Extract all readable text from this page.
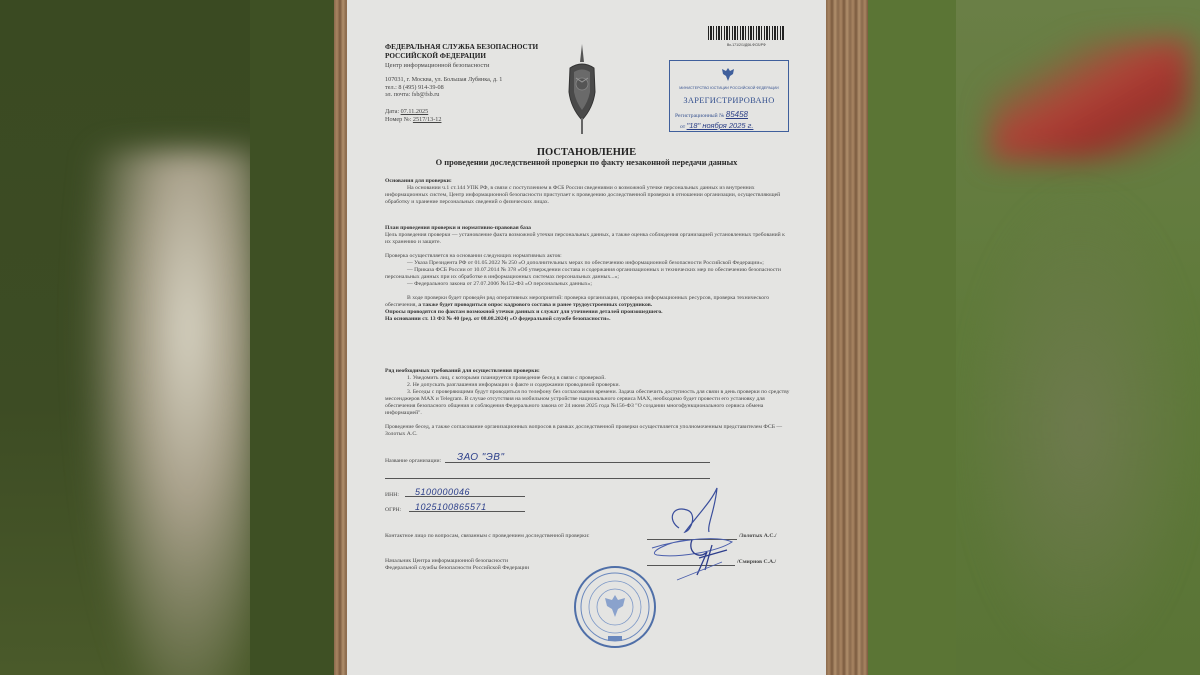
ФЕДЕРАЛЬНАЯ СЛУЖБА БЕЗОПАСНОСТИ
РОССИЙСКОЙ ФЕДЕРАЦИИ
Центр информационной безопасности
107031, г. Москва, ул. Большая Лубянка, д. 1
тел.: 8 (495) 914-39-08
эл. почта: fsb@fsb.ru
Дата: 07.11.2025
Номер №: 2517/13-12
Вх-171/2/1/Д06-ФСБ/РФ
МИНИСТЕРСТВО ЮСТИЦИИ РОССИЙСКОЙ ФЕДЕРАЦИИ
ЗАРЕГИСТРИРОВАНО
Регистрационный № 85458
от "18" ноября 2025 г.
ПОСТАНОВЛЕНИЕ
О проведении доследственной проверки по факту незаконной передачи данных
Основания для проверки:
На основании ч.1 ст.144 УПК РФ, в связи с поступлением в ФСБ России сведениями о возможной утечке персональных данных из внутренних информационных систем, Центр информационной безопасности приступает к проведению доследственной проверки в отношении организации, осуществляющей обработку и хранение персональных сведений о физических лицах.
План проведения проверки и нормативно-правовая база
Цель проведения проверки — установление факта возможной утечки персональных данных, а также оценка соблюдения организацией установленных требований к их хранению и защите.
Проверка осуществляется на основании следующих нормативных актов:
— Указа Президента РФ от 01.05.2022 № 250 «О дополнительных мерах по обеспечению информационной безопасности Российской Федерации»;
— Приказа ФСБ России от 10.07.2014 № 378 «Об утверждении состава и содержания организационных и технических мер по обеспечению безопасности персональных данных при их обработке в информационных системах персональных данных...»;
— Федерального закона от 27.07.2006 №152-ФЗ «О персональных данных»;
В ходе проверки будет проведён ряд оперативных мероприятий: проверка организации, проверка информационных ресурсов, проверка технического обеспечения, а также будет проводиться опрос кадрового состава и ранее трудоустроенных сотрудников.
Опросы проводятся по фактам возможной утечки данных и служат для уточнения деталей произошедшего.
На основании ст. 13 ФЗ № 40 (ред. от 08.08.2024) «О федеральной службе безопасности».
Ряд необходимых требований для осуществления проверки:
1. Уведомить лиц, с которыми планируется проведение бесед в связи с проверкой.
2. Не допускать разглашения информации о факте и содержании проводимой проверки.
3. Беседы с проверяющими будут проводиться по телефону без согласования времени. Задача обеспечить доступность для связи в день проверки по средству мессенджеров MAX и Telegram. В случае отсутствия на мобильном устройстве национального сервиса MAX, необходимо будет провести его установку для обеспечения безопасного общения и соблюдения Федерального закона от 24 июня 2025 года №156-ФЗ "О создании многофункционального сервиса обмена информацией".
Проведение бесед, а также согласование организационных вопросов в рамках доследственной проверки осуществляется уполномоченным представителем ФСБ — Золотых А.С.
Название организации: ЗАО "ЭВ"
ИНН: 5100000046
ОГРН: 1025100865571
Контактное лицо по вопросам, связанным с проведением доследственной проверки:	/Золотых А.С./
Начальник Центра информационной безопасности
Федеральной службы безопасности Российской Федерации
/Смирнов С.А./
